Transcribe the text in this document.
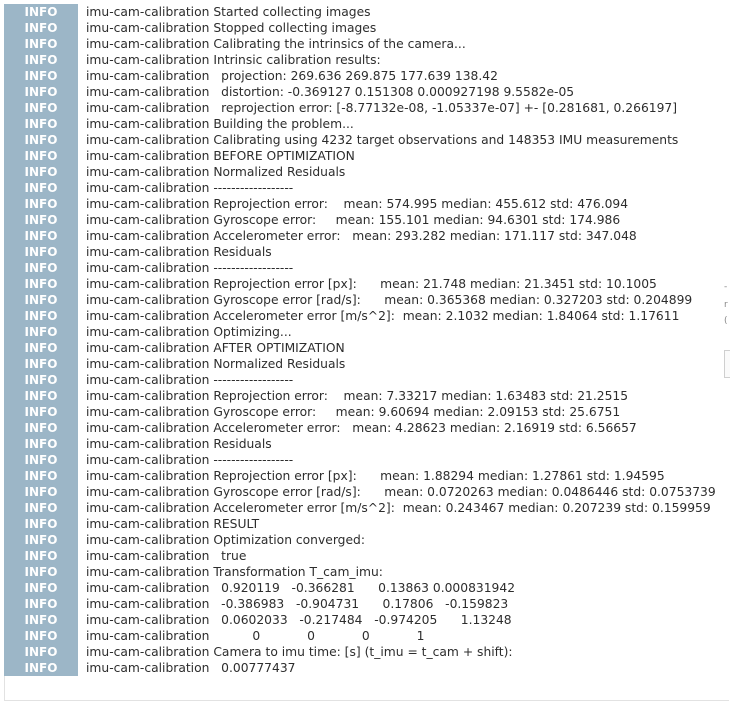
INFO	imu-cam-calibration Started collecting images
INFO	imu-cam-calibration Stopped collecting images
INFO	imu-cam-calibration Calibrating the intrinsics of the camera...
INFO	imu-cam-calibration Intrinsic calibration results:
INFO	imu-cam-calibration projection: 269.636 269.875 177.639 138.42
INFO	imu-cam-calibration distortion: -0.369127 0.151308 0.000927198 9.5582e-05
INFO	imu-cam-calibration reprojection error: [-8.77132e-08, -1.05337e-07] +- [0.281681, 0.266197]
INFO	imu-cam-calibration Building the problem...
INFO	imu-cam-calibration Calibrating using 4232 target observations and 148353 IMU measurements
INFO	imu-cam-calibration BEFORE OPTIMIZATION
INFO	imu-cam-calibration Normalized Residuals
INFO	imu-cam-calibration ------------------
INFO	imu-cam-calibration Reprojection error:    mean: 574.995 median: 455.612 std: 476.094
INFO	imu-cam-calibration Gyroscope error:     mean: 155.101 median: 94.6301 std: 174.986
INFO	imu-cam-calibration Accelerometer error:   mean: 293.282 median: 171.117 std: 347.048
INFO	imu-cam-calibration Residuals
INFO	imu-cam-calibration ------------------
INFO	imu-cam-calibration Reprojection error [px]:      mean: 21.748 median: 21.3451 std: 10.1005
INFO	imu-cam-calibration Gyroscope error [rad/s]:      mean: 0.365368 median: 0.327203 std: 0.204899
INFO	imu-cam-calibration Accelerometer error [m/s^2]:  mean: 2.1032 median: 1.84064 std: 1.17611
INFO	imu-cam-calibration Optimizing...
INFO	imu-cam-calibration AFTER OPTIMIZATION
INFO	imu-cam-calibration Normalized Residuals
INFO	imu-cam-calibration ------------------
INFO	imu-cam-calibration Reprojection error:    mean: 7.33217 median: 1.63483 std: 21.2515
INFO	imu-cam-calibration Gyroscope error:     mean: 9.60694 median: 2.09153 std: 25.6751
INFO	imu-cam-calibration Accelerometer error:   mean: 4.28623 median: 2.16919 std: 6.56657
INFO	imu-cam-calibration Residuals
INFO	imu-cam-calibration ------------------
INFO	imu-cam-calibration Reprojection error [px]:      mean: 1.88294 median: 1.27861 std: 1.94595
INFO	imu-cam-calibration Gyroscope error [rad/s]:      mean: 0.0720263 median: 0.0486446 std: 0.0753739
INFO	imu-cam-calibration Accelerometer error [m/s^2]:  mean: 0.243467 median: 0.207239 std: 0.159959
INFO	imu-cam-calibration RESULT
INFO	imu-cam-calibration Optimization converged:
INFO	imu-cam-calibration true
INFO	imu-cam-calibration Transformation T_cam_imu:
INFO	imu-cam-calibration 0.920119   -0.366281      0.13863 0.000831942
INFO	imu-cam-calibration -0.386983   -0.904731      0.17806   -0.159823
INFO	imu-cam-calibration 0.0602033   -0.217484   -0.974205      1.13248
INFO	imu-cam-calibration 0            0            0            1
INFO	imu-cam-calibration Camera to imu time: [s] (t_imu = t_cam + shift):
INFO	imu-cam-calibration 0.00777437
-
r
(
